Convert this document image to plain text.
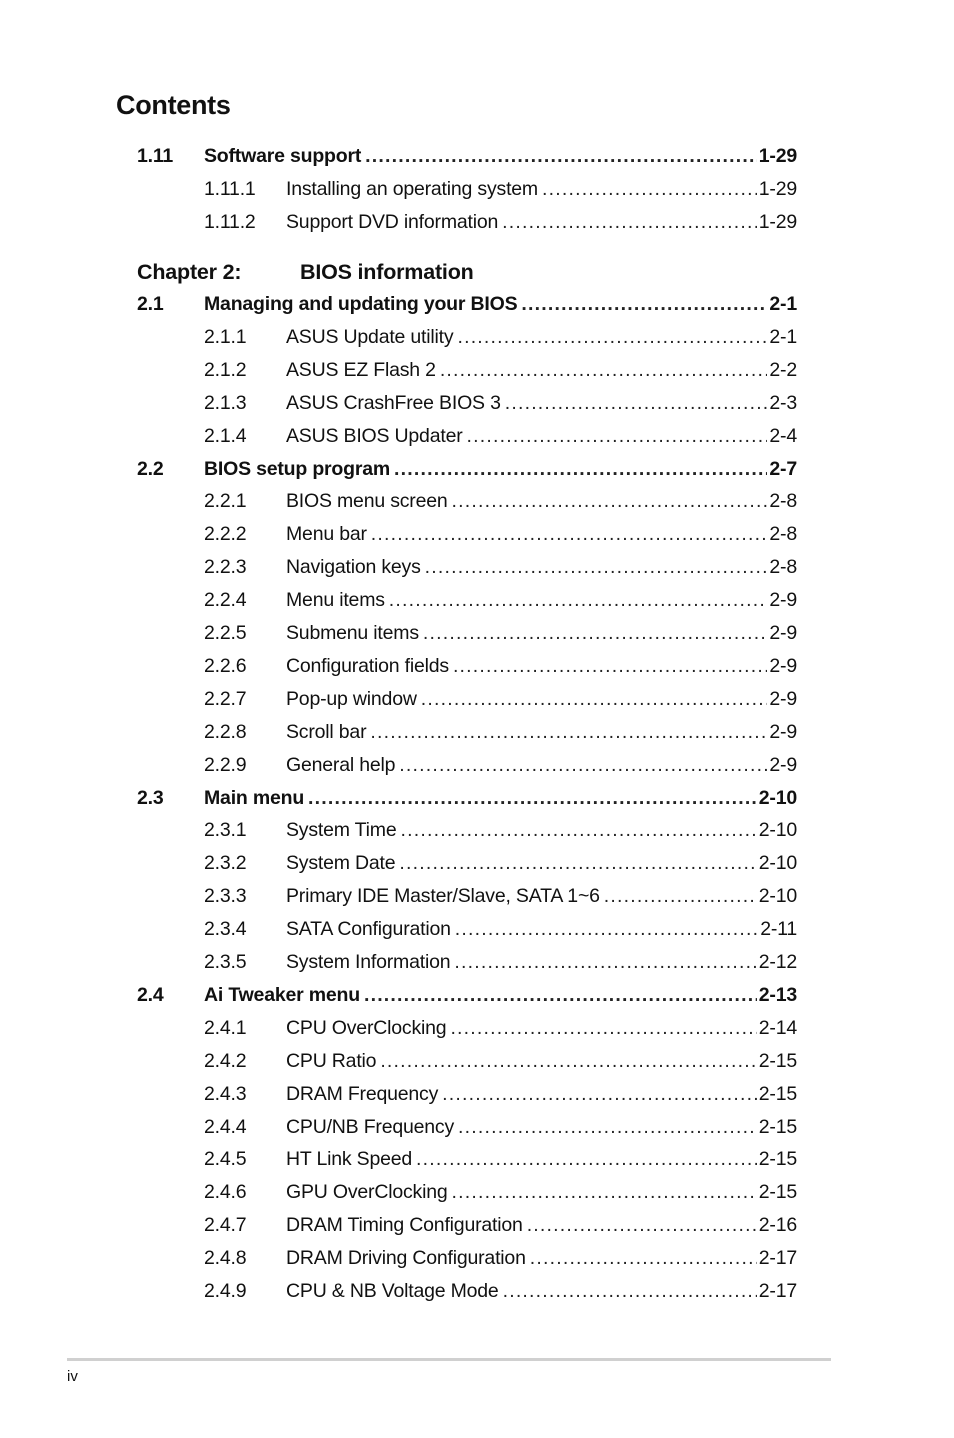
Contents
Chapter 2:	BIOS information
1.11	Software support .....	1-29
1.11.1	Installing an operating system .....	1-29
1.11.2	Support DVD information .....	1-29
2.1	Managing and updating your BIOS .....	2-1
2.1.1	ASUS Update utility .....	2-1
2.1.2	ASUS EZ Flash 2 .....	2-2
2.1.3	ASUS CrashFree BIOS 3 .....	2-3
2.1.4	ASUS BIOS Updater .....	2-4
2.2	BIOS setup program .....	2-7
2.2.1	BIOS menu screen .....	2-8
2.2.2	Menu bar .....	2-8
2.2.3	Navigation keys .....	2-8
2.2.4	Menu items .....	2-9
2.2.5	Submenu items .....	2-9
2.2.6	Configuration fields .....	2-9
2.2.7	Pop-up window .....	2-9
2.2.8	Scroll bar .....	2-9
2.2.9	General help .....	2-9
2.3	Main menu .....	2-10
2.3.1	System Time .....	2-10
2.3.2	System Date .....	2-10
2.3.3	Primary IDE Master/Slave, SATA 1~6 .....	2-10
2.3.4	SATA Configuration .....	2-11
2.3.5	System Information .....	2-12
2.4	Ai Tweaker menu .....	2-13
2.4.1	CPU OverClocking .....	2-14
2.4.2	CPU Ratio .....	2-15
2.4.3	DRAM Frequency .....	2-15
2.4.4	CPU/NB Frequency .....	2-15
2.4.5	HT Link Speed .....	2-15
2.4.6	GPU OverClocking .....	2-15
2.4.7	DRAM Timing Configuration .....	2-16
2.4.8	DRAM Driving Configuration .....	2-17
2.4.9	CPU & NB Voltage Mode .....	2-17
iv
